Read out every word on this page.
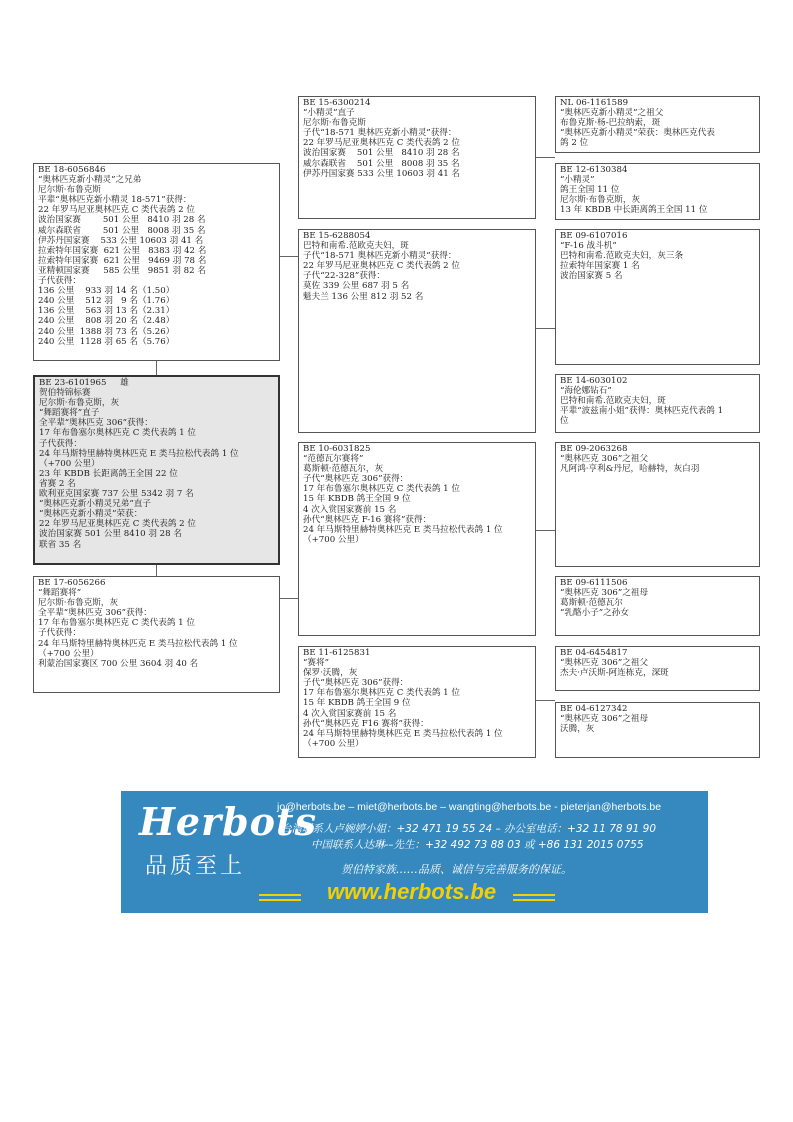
BE 15-6300214
“小精灵”直子
尼尔斯·布鲁克斯
子代“18-571 奥林匹克新小精灵”获得：
22 年罗马尼亚奥林匹克 C 类代表鸽 2 位
波治国家赛    501 公里   8410 羽 28 名
威尔森联省    501 公里   8008 羽 35 名
伊苏丹国家赛 533 公里 10603 羽 41 名
NL 06-1161589
“奥林匹克新小精灵”之祖父
布鲁克斯·杨-巴拉纳索，斑
“奥林匹克新小精灵”荣获：奥林匹克代表
鸽 2 位
BE 18-6056846
“奥林匹克新小精灵”之兄弟
尼尔斯·布鲁克斯
平辈“奥林匹克新小精灵 18-571”获得：
22 年罗马尼亚奥林匹克 C 类代表鸽 2 位
波治国家赛        501 公里   8410 羽 28 名
威尔森联省        501 公里   8008 羽 35 名
伊苏丹国家赛    533 公里 10603 羽 41 名
拉索特年国家赛  621 公里   8383 羽 42 名
拉索特年国家赛  621 公里   9469 羽 78 名
亚精顿国家赛     585 公里   9851 羽 82 名
子代获得：
136 公里    933 羽 14 名（1.50）
240 公里    512 羽   9 名（1.76）
136 公里    563 羽 13 名（2.31）
240 公里    808 羽 20 名（2.48）
240 公里  1388 羽 73 名（5.26）
240 公里  1128 羽 65 名（5.76）
BE 12-6130384
“小精灵”
鸽王全国 11 位
尼尔斯·布鲁克斯，灰
13 年 KBDB 中长距离鸽王全国 11 位
BE 15-6288054
巴特和南希.范欧克夫妇，斑
子代“18-571 奥林匹克新小精灵”获得：
22 年罗马尼亚奥林匹克 C 类代表鸽 2 位
子代“22-328”获得：
莫佐 339 公里 687 羽 5 名
魁夫兰 136 公里 812 羽 52 名
BE 09-6107016
“F-16 战斗机”
巴特和南希.范欧克夫妇，灰三条
拉索特年国家赛 1 名
波治国家赛 5 名
BE 14-6030102
“海伦娜钻石”
巴特和南希.范欧克夫妇，斑
平辈“波兹南小姐”获得：奥林匹克代表鸽 1
位
BE 23-6101965     雄
贺伯特锦标赛
尼尔斯·布鲁克斯，灰
“舞蹈赛将”直子
全平辈“奥林匹克 306”获得：
17 年布鲁塞尔奥林匹克 C 类代表鸽 1 位
子代获得：
24 年马斯特里赫特奥林匹克 E 类马拉松代表鸽 1 位
（+700 公里）
23 年 KBDB 长距离鸽王全国 22 位
省赛 2 名
欧利亚克国家赛 737 公里 5342 羽 7 名
“奥林匹克新小精灵兄弟”直子
“奥林匹克新小精灵”荣获：
22 年罗马尼亚奥林匹克 C 类代表鸽 2 位
波治国家赛 501 公里 8410 羽 28 名
联省 35 名
BE 10-6031825
“范德瓦尔赛将”
葛斯顿·范德瓦尔，灰
子代“奥林匹克 306”获得：
17 年布鲁塞尔奥林匹克 C 类代表鸽 1 位
15 年 KBDB 鸽王全国 9 位
4 次入赏国家赛前 15 名
孙代“奥林匹克 F-16 赛将”获得：
24 年马斯特里赫特奥林匹克 E 类马拉松代表鸽 1 位
（+700 公里）
BE 09-2063268
“奥林匹克 306”之祖父
凡阿鸿·亨利&丹尼，哈赫特，灰白羽
BE 17-6056266
“舞蹈赛将”
尼尔斯·布鲁克斯，灰
全平辈“奥林匹克 306”获得：
17 年布鲁塞尔奥林匹克 C 类代表鸽 1 位
子代获得：
24 年马斯特里赫特奥林匹克 E 类马拉松代表鸽 1 位
（+700 公里）
利蒙治国家赛区 700 公里 3604 羽 40 名
BE 09-6111506
“奥林匹克 306”之祖母
葛斯顿·范德瓦尔
“乳酪小子”之孙女
BE 11-6125831
“赛将”
保罗·沃腾，灰
子代“奥林匹克 306”获得：
17 年布鲁塞尔奥林匹克 C 类代表鸽 1 位
15 年 KBDB 鸽王全国 9 位
4 次入赏国家赛前 15 名
孙代“奥林匹克 F16 赛将”获得：
24 年马斯特里赫特奥林匹克 E 类马拉松代表鸽 1 位
（+700 公里）
BE 04-6454817
“奥林匹克 306”之祖父
杰夫·卢沃斯-阿连栋克，深斑
BE 04-6127342
“奥林匹克 306”之祖母
沃腾，灰
Herbots
品质至上
jo@herbots.be – miet@herbots.be – wangting@herbots.be - pieterjan@herbots.be
台湾联系人卢婉婷小姐：+32 471 19 55 24 – 办公室电话：+32 11 78 91 90
中国联系人达琳-–先生：+32 492 73 88 03 或 +86 131 2015 0755
贺伯特家族……品质、诚信与完善服务的保证。
www.herbots.be
